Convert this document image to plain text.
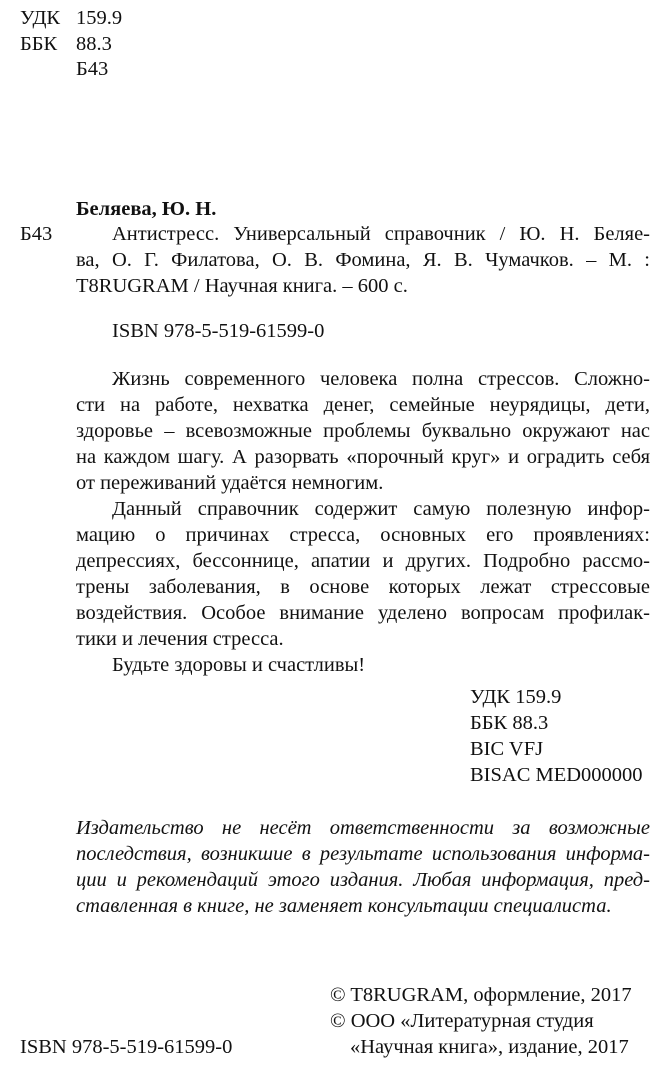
УДК 159.9
ББК 88.3
Б43
Беляева, Ю. Н.
Б43	Антистресс. Универсальный справочник / Ю. Н. Беляе-
ва, О. Г. Филатова, О. В. Фомина, Я. В. Чумачков. – М. :
T8RUGRAM / Научная книга. – 600 с.
ISBN 978-5-519-61599-0
Жизнь современного человека полна стрессов. Сложно-
сти на работе, нехватка денег, семейные неурядицы, дети,
здоровье – всевозможные проблемы буквально окружают нас
на каждом шагу. А разорвать «порочный круг» и оградить себя
от переживаний удаётся немногим.
Данный справочник содержит самую полезную инфор-
мацию о причинах стресса, основных его проявлениях:
депрессиях, бессоннице, апатии и других. Подробно рассмо-
трены заболевания, в основе которых лежат стрессовые
воздействия. Особое внимание уделено вопросам профилак-
тики и лечения стресса.
Будьте здоровы и счастливы!
УДК 159.9
ББК 88.3
BIC VFJ
BISAC MED000000
Издательство не несёт ответственности за возможные
последствия, возникшие в результате использования информа-
ции и рекомендаций этого издания. Любая информация, пред-
ставленная в книге, не заменяет консультации специалиста.
© T8RUGRAM, оформление, 2017
© ООО «Литературная студия
«Научная книга», издание, 2017
ISBN 978-5-519-61599-0
